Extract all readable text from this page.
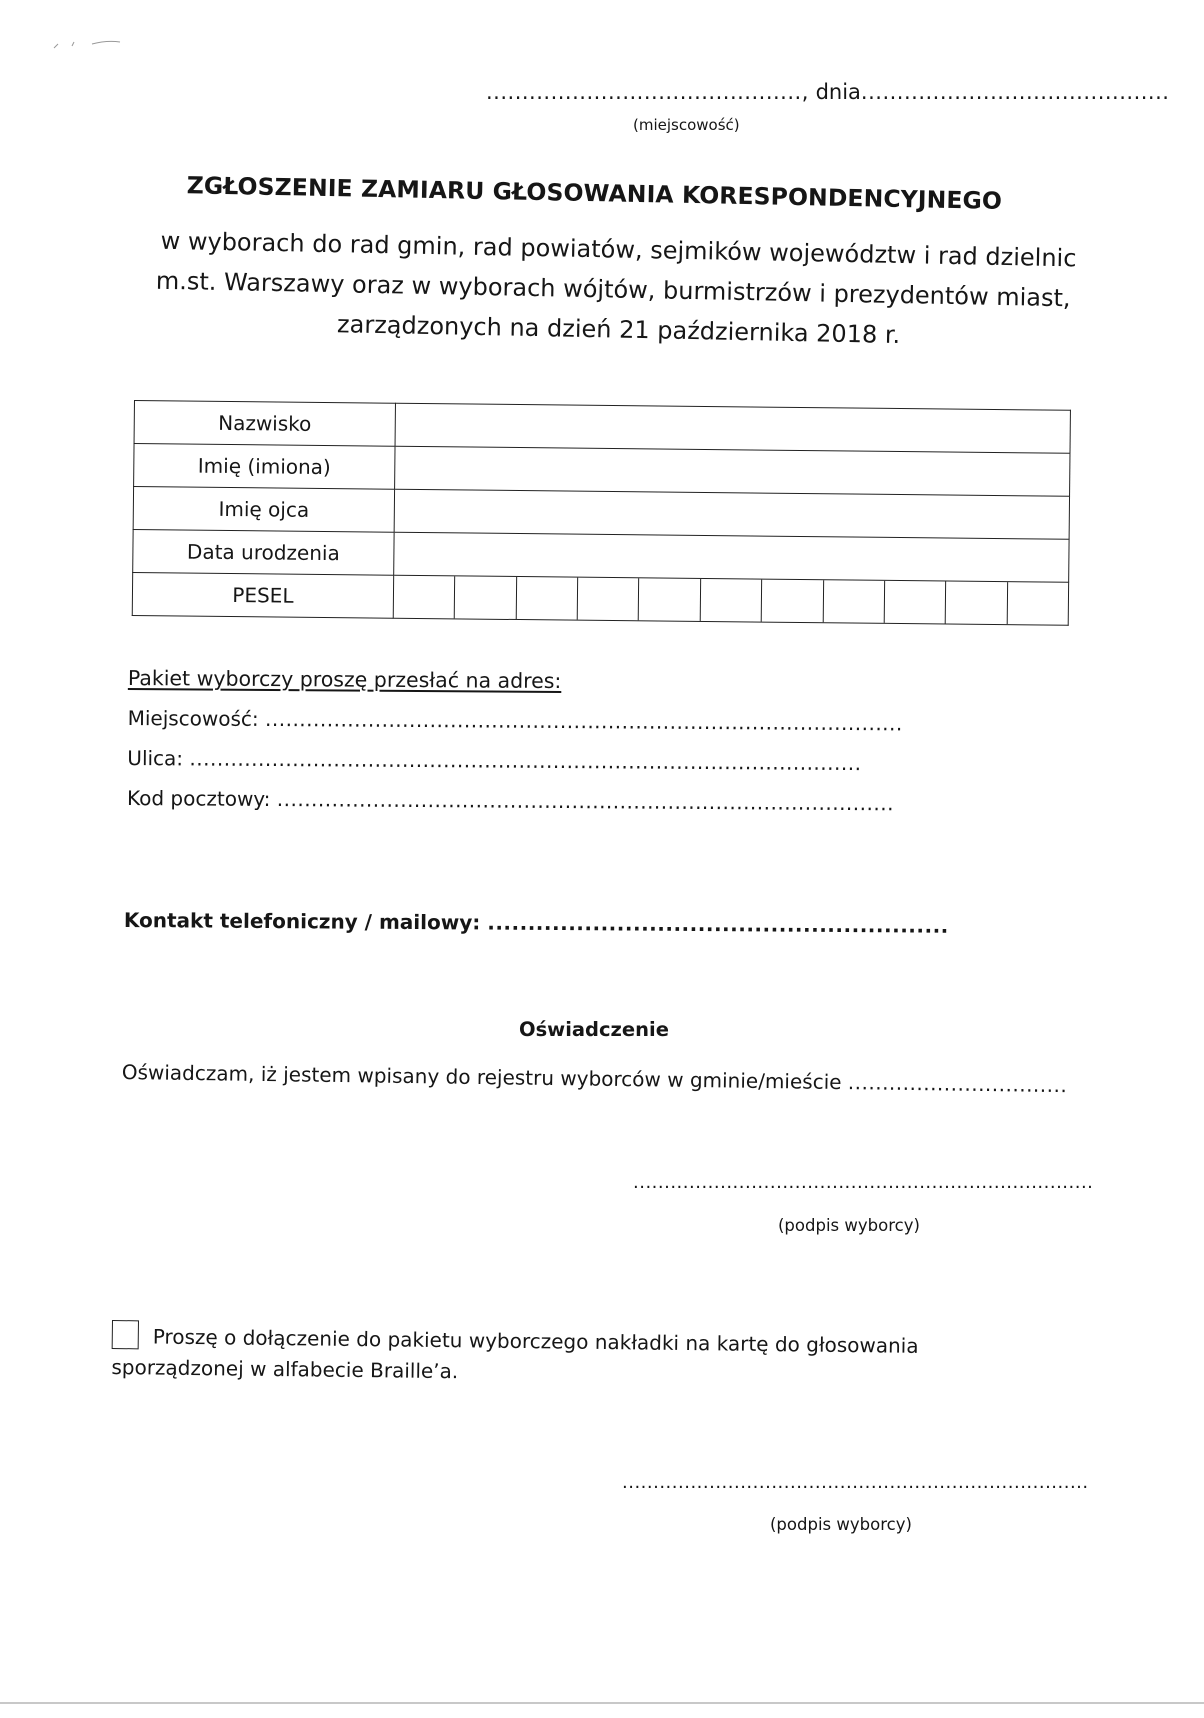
............................................, dnia...........................................
(miejscowość)
ZGŁOSZENIE ZAMIARU GŁOSOWANIA KORESPONDENCYJNEGO
w wyborach do rad gmin, rad powiatów, sejmików województw i rad dzielnic
m.st. Warszawy oraz w wyborach wójtów, burmistrzów i prezydentów miast,
zarządzonych na dzień 21 października 2018 r.
Nazwisko	
Imię (imiona)	
Imię ojca	
Data urodzenia	
PESEL	
Pakiet wyborczy proszę przesłać na adres:
Miejscowość: .............................................................................................
Ulica: ..................................................................................................
Kod pocztowy: ..........................................................................................
Kontakt telefoniczny / mailowy: .........................................................
Oświadczenie
Oświadczam, iż jestem wpisany do rejestru wyborców w gminie/mieście ................................
..........................................................................
(podpis wyborcy)
Proszę o dołączenie do pakietu wyborczego nakładki na kartę do głosowania
sporządzonej w alfabecie Braille’a.
...........................................................................
(podpis wyborcy)
